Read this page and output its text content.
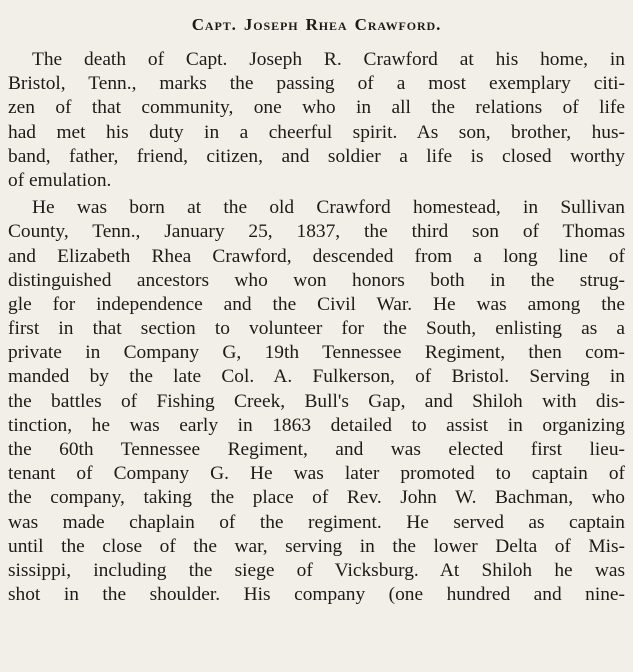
Capt. Joseph Rhea Crawford.
The death of Capt. Joseph R. Crawford at his home, in
Bristol, Tenn., marks the passing of a most exemplary citi-
zen of that community, one who in all the relations of life
had met his duty in a cheerful spirit. As son, brother, hus-
band, father, friend, citizen, and soldier a life is closed worthy
of emulation.
He was born at the old Crawford homestead, in Sullivan
County, Tenn., January 25, 1837, the third son of Thomas
and Elizabeth Rhea Crawford, descended from a long line of
distinguished ancestors who won honors both in the strug-
gle for independence and the Civil War. He was among the
first in that section to volunteer for the South, enlisting as a
private in Company G, 19th Tennessee Regiment, then com-
manded by the late Col. A. Fulkerson, of Bristol. Serving in
the battles of Fishing Creek, Bull's Gap, and Shiloh with dis-
tinction, he was early in 1863 detailed to assist in organizing
the 60th Tennessee Regiment, and was elected first lieu-
tenant of Company G. He was later promoted to captain of
the company, taking the place of Rev. John W. Bachman, who
was made chaplain of the regiment. He served as captain
until the close of the war, serving in the lower Delta of Mis-
sissippi, including the siege of Vicksburg. At Shiloh he was
shot in the shoulder. His company (one hundred and nine-
